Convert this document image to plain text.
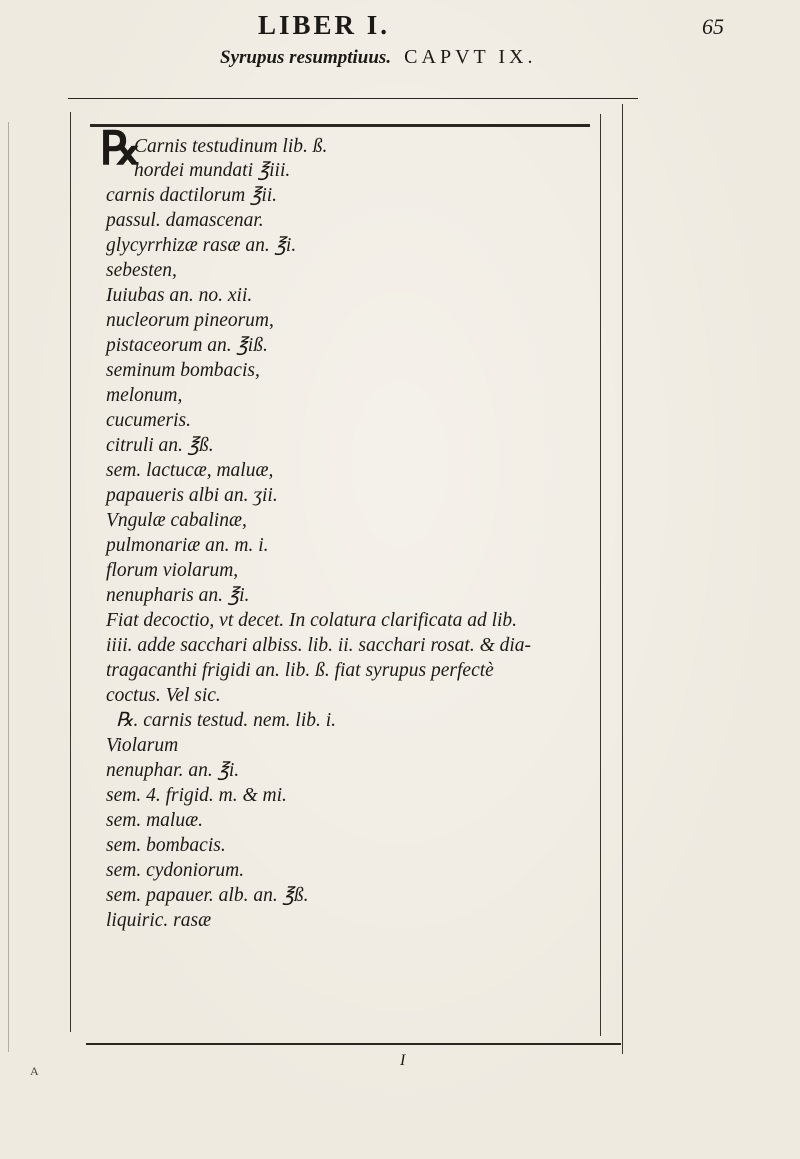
LIBER I.	65
Syrupus resumptiuus. CAPVT IX.
℞
Carnis testudinum lib. ß.
hordei mundati ℥iii.
carnis dactilorum ℥ii.
passul. damascenar.
glycyrrhizæ rasæ an. ℥i.
sebesten,
Iuiubas an. no. xii.
nucleorum pineorum,
pistaceorum an. ℥iß.
seminum bombacis,
melonum,
cucumeris.
citruli an. ℥ß.
sem. lactucæ, maluæ,
papaueris albi an. ʒii.
Vngulæ cabalinæ,
pulmonariæ an. m. i.
florum violarum,
nenupharis an. ℥i.
Fiat decoctio, vt decet. In colatura clarificata ad lib.
iiii. adde sacchari albiss. lib. ii. sacchari rosat. & dia-
tragacanthi frigidi an. lib. ß. fiat syrupus perfectè
coctus. Vel sic.
℞. carnis testud. nem. lib. i.
Violarum
nenuphar. an. ℥i.
sem. 4. frigid. m. & mi.
sem. maluæ.
sem. bombacis.
sem. cydoniorum.
sem. papauer. alb. an. ℥ß.
liquiric. rasæ
I
A
